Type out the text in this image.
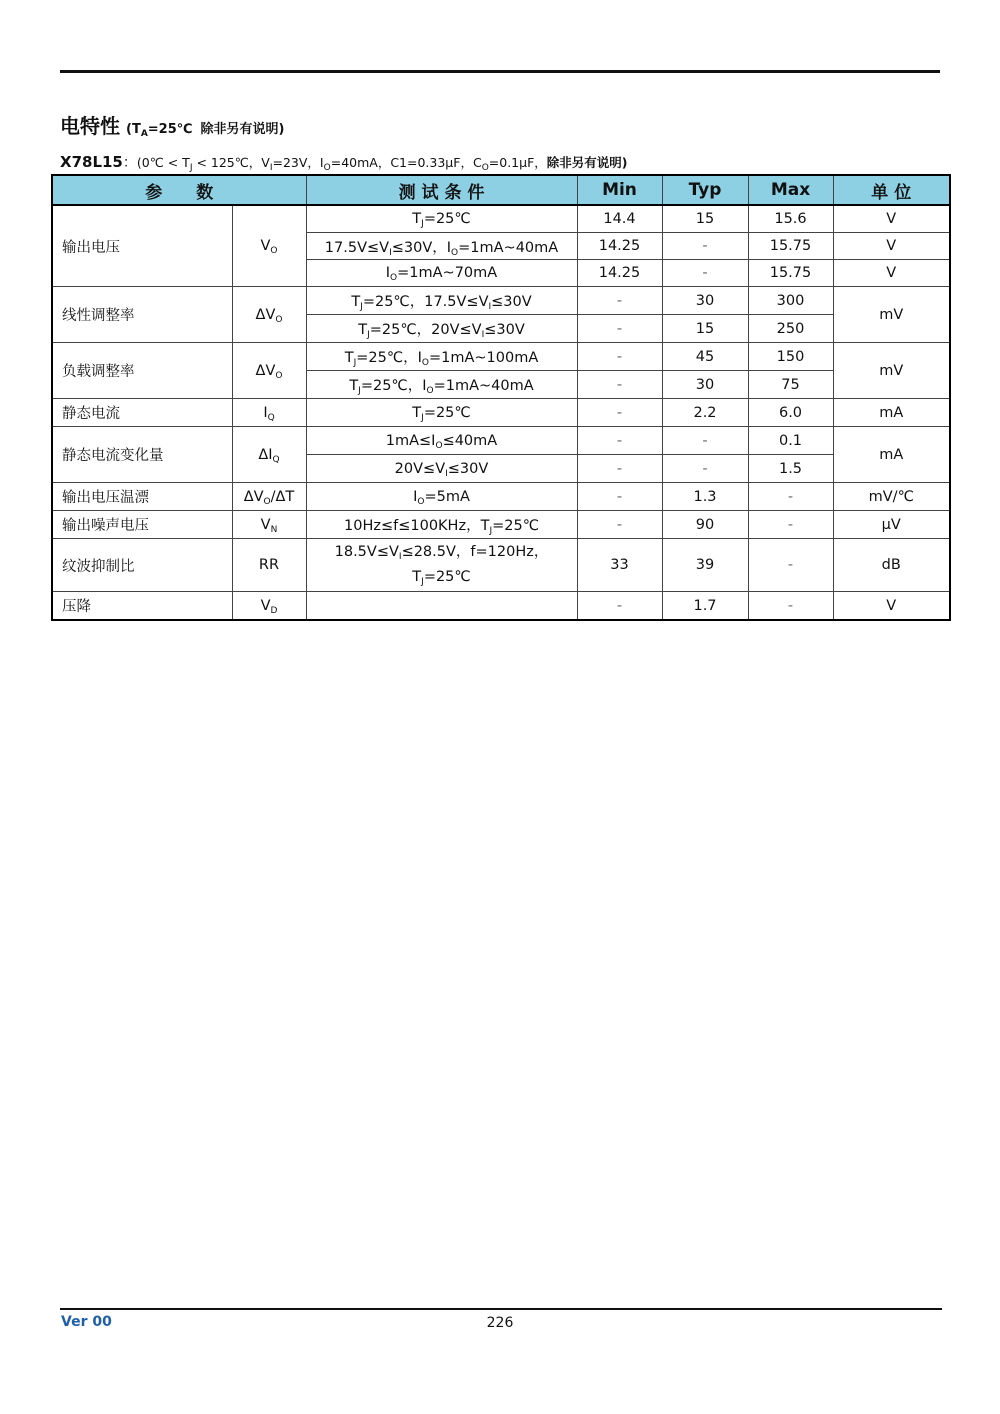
电特性 ($T_A=25℃$ 除非另有说明)
X78L15：(0℃ < $T_J$ < 125℃，$V_I=23V$，$I_O=40mA$，C1=0.33μF，$C_O=0.1\mu F$，除非另有说明)
参　　数		测 试 条 件	Min	Typ	Max	单 位
输出电压	$V_O$	$T_J=25℃$	14.4	15	15.6	V
		$17.5V\le V_I\le 30V$，$I_O=1mA\sim 40mA$	14.25	-	15.75	V
		$I_O=1mA\sim 70mA$	14.25	-	15.75	V
线性调整率	$\Delta V_O$	$T_J=25℃$，$17.5V\le V_I\le 30V$	-	30	300	mV
		$T_J=25℃$，$20V\le V_I\le 30V$	-	15	250	
负载调整率	$\Delta V_O$	$T_J=25℃$，$I_O=1mA\sim 100mA$	-	45	150	mV
		$T_J=25℃$，$I_O=1mA\sim 40mA$	-	30	75	
静态电流	$I_Q$	$T_J=25℃$	-	2.2	6.0	mA
静态电流变化量	$\Delta I_Q$	$1mA\le I_O\le 40mA$	-	-	0.1	mA
		$20V\le V_I\le 30V$	-	-	1.5	
输出电压温漂	$\Delta V_O/\Delta T$	$I_O=5mA$	-	1.3	-	mV/℃
输出噪声电压	$V_N$	10Hz≤f≤100KHz，$T_J=25℃$	-	90	-	μV
纹波抑制比	RR	$18.5V\le V_I\le 28.5V$，f=120Hz，
$T_J=25℃$	33	39	-	dB
压降	$V_D$		-	1.7	-	V
Ver 00	226
